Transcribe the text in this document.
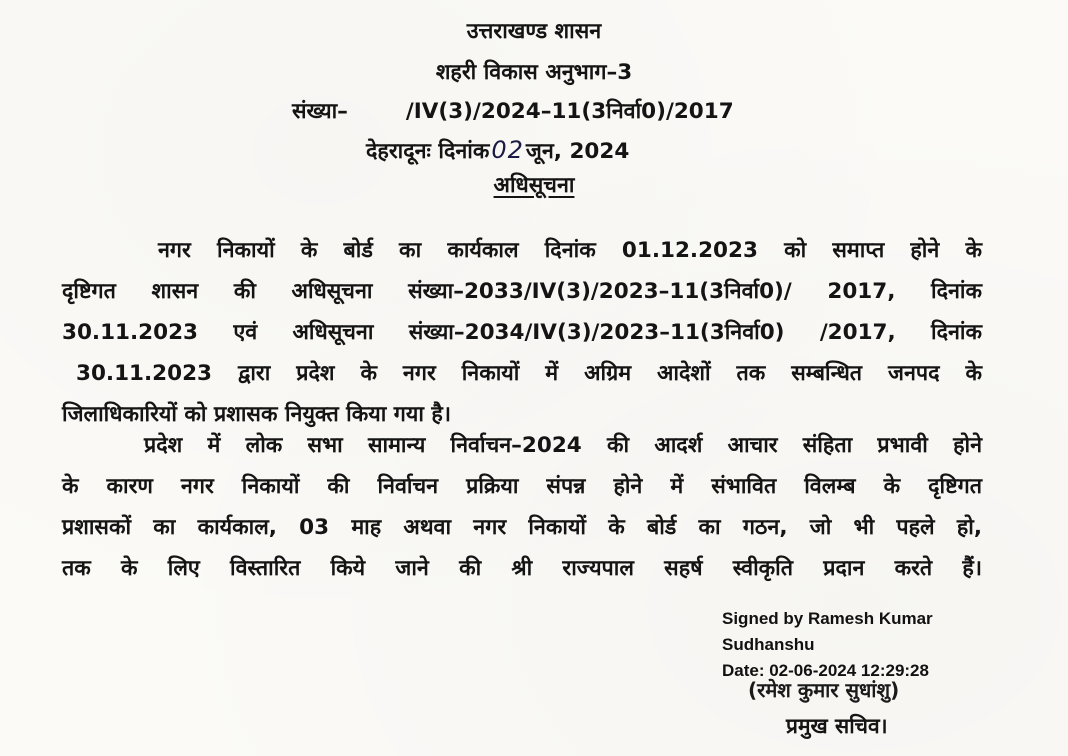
उत्तराखण्ड शासन
शहरी विकास अनुभाग–3
संख्या–	/IV(3)/2024–11(3निर्वा0)/2017
देहरादूनः दिनांक02जून, 2024
अधिसूचना
नगर निकायों के बोर्ड का कार्यकाल दिनांक 01.12.2023 को समाप्त होने के
दृष्टिगत शासन की अधिसूचना संख्या–2033/IV(3)/2023–11(3निर्वा0)/ 2017, दिनांक
30.11.2023 एवं अधिसूचना संख्या–2034/IV(3)/2023–11(3निर्वा0) /2017, दिनांक
30.11.2023 द्वारा प्रदेश के नगर निकायों में अग्रिम आदेशों तक सम्बन्धित जनपद के
जिलाधिकारियों को प्रशासक नियुक्त किया गया है।
प्रदेश में लोक सभा सामान्य निर्वाचन–2024 की आदर्श आचार संहिता प्रभावी होने
के कारण नगर निकायों की निर्वाचन प्रक्रिया संपन्न होने में संभावित विलम्ब के दृष्टिगत
प्रशासकों का कार्यकाल, 03 माह अथवा नगर निकायों के बोर्ड का गठन, जो भी पहले हो,
तक के लिए विस्तारित किये जाने की श्री राज्यपाल सहर्ष स्वीकृति प्रदान करते हैं।
Signed by Ramesh Kumar
Sudhanshu
Date: 02-06-2024 12:29:28
(रमेश कुमार सुधांशु)
प्रमुख सचिव।
